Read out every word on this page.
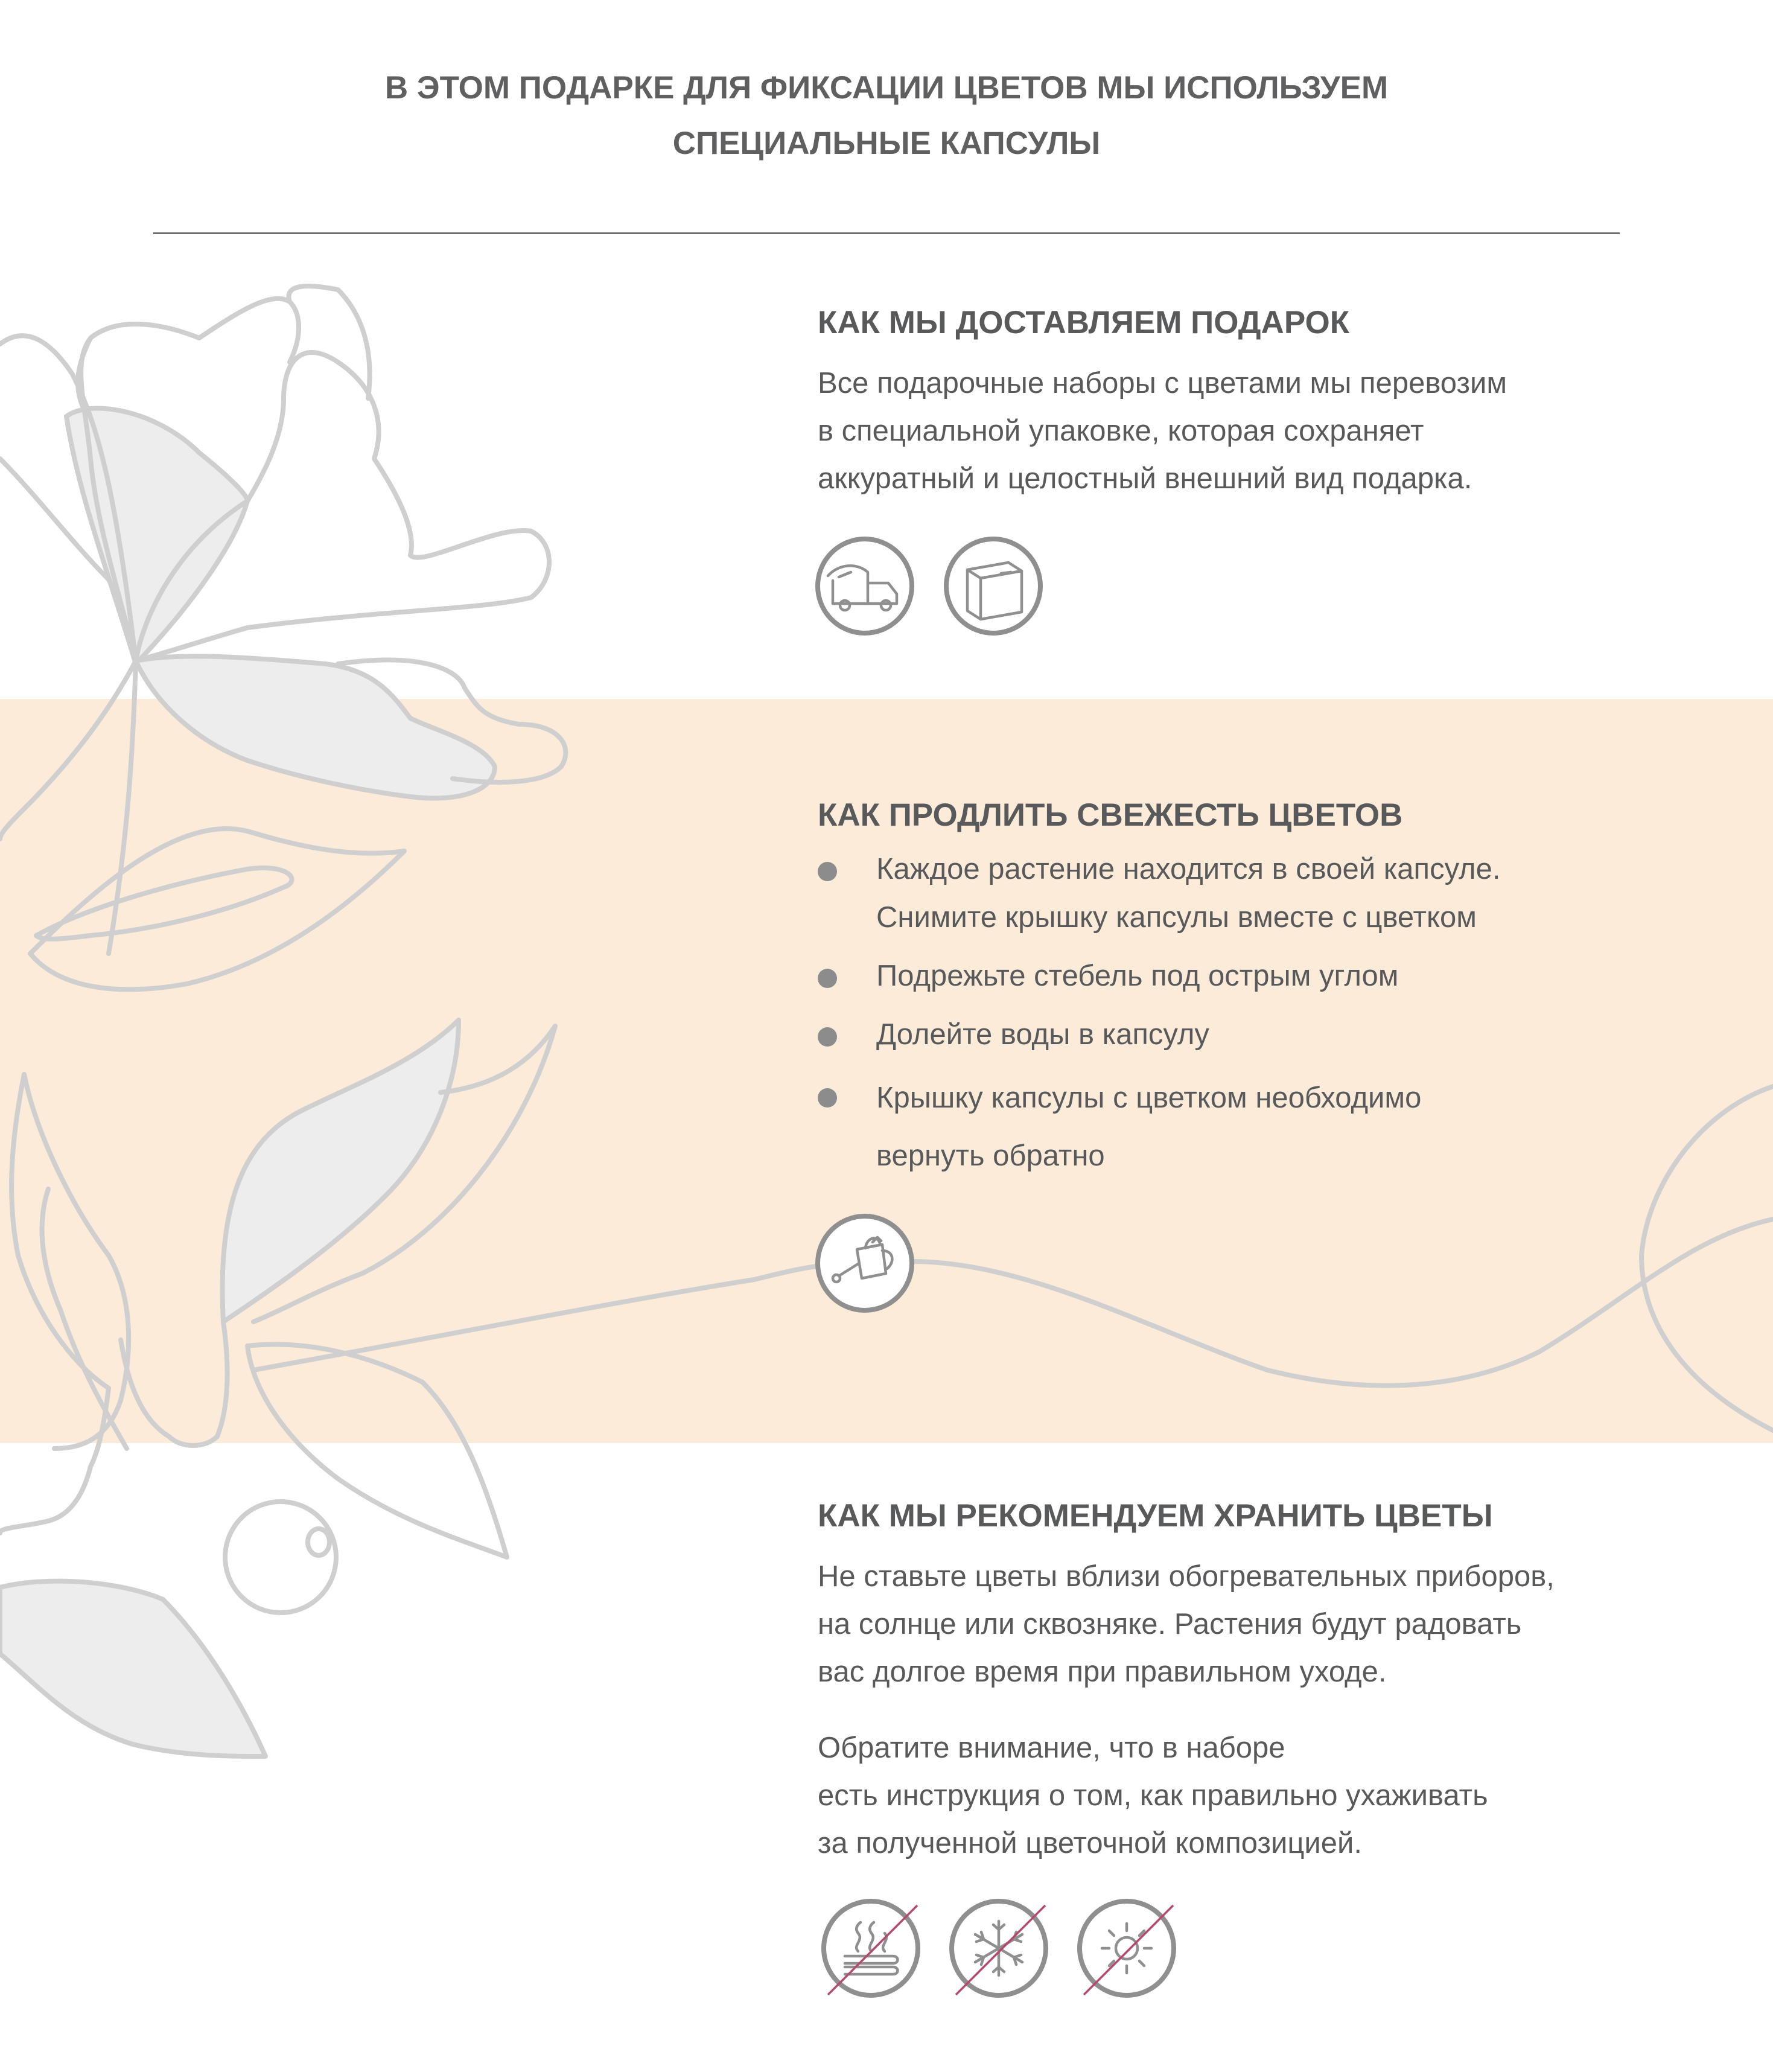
В ЭТОМ ПОДАРКЕ ДЛЯ ФИКСАЦИИ ЦВЕТОВ МЫ ИСПОЛЬЗУЕМ
СПЕЦИАЛЬНЫЕ КАПСУЛЫ
КАК МЫ ДОСТАВЛЯЕМ ПОДАРОК
Все подарочные наборы с цветами мы перевозим
в специальной упаковке, которая сохраняет
аккуратный и целостный внешний вид подарка.
КАК ПРОДЛИТЬ СВЕЖЕСТЬ ЦВЕТОВ
Каждое растение находится в своей капсуле.
Снимите крышку капсулы вместе с цветком
Подрежьте стебель под острым углом
Долейте воды в капсулу
Крышку капсулы с цветком необходимо
вернуть обратно
КАК МЫ РЕКОМЕНДУЕМ ХРАНИТЬ ЦВЕТЫ
Не ставьте цветы вблизи обогревательных приборов,
на солнце или сквозняке. Растения будут радовать
вас долгое время при правильном уходе.
Обратите внимание, что в наборе
есть инструкция о том, как правильно ухаживать
за полученной цветочной композицией.
